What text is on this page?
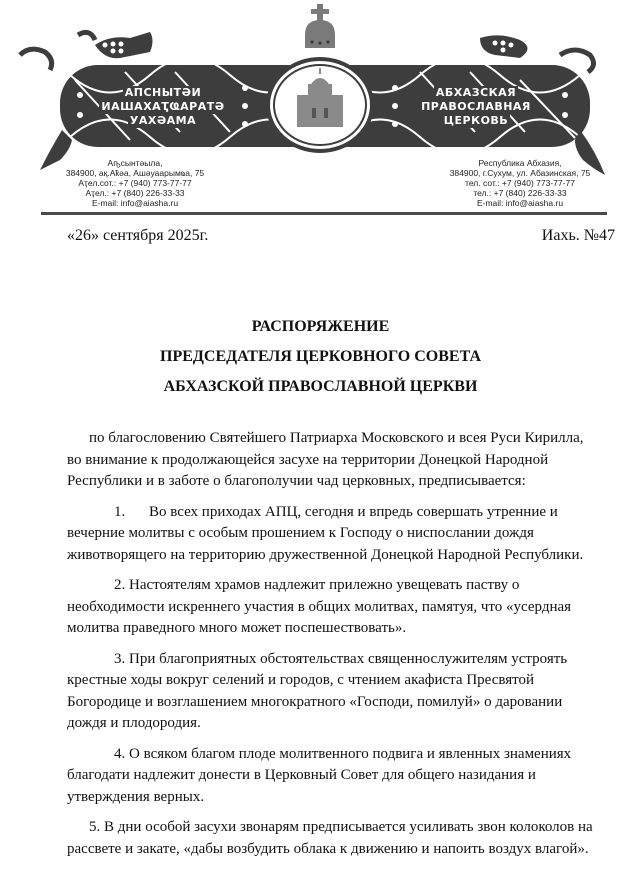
АПСНЫТӘИ
ИАШАХАҬҨАРАТӘ
УАХӘАМА
АБХАЗСКАЯ
ПРАВОСЛАВНАЯ
ЦЕРКОВЬ
Аҧсынтәыла,
384900, ақ.Аҟəа, Ашәуаарымҩа, 75
Аҭел.сот.: +7 (940) 773-77-77
Аҭел.: +7 (840) 226-33-33
E-mail: info@aiasha.ru
Республика Абхазия,
384900, г.Сухум, ул. Абазинская, 75
тел. сот.: +7 (940) 773-77-77
тел.: +7 (840) 226-33-33
E-mail: info@aiasha.ru
«26» сентября 2025г.	Иахь. №47
РАСПОРЯЖЕНИЕ
ПРЕДСЕДАТЕЛЯ ЦЕРКОВНОГО СОВЕТА
АБХАЗСКОЙ ПРАВОСЛАВНОЙ ЦЕРКВИ

по благословению Святейшего Патриарха Московского и всея Руси Кирилла, во внимание к продолжающейся засухе на территории Донецкой Народной Республики и в заботе о благополучии чад церковных, предписывается:

1. Во всех приходах АПЦ, сегодня и впредь совершать утренние и вечерние молитвы с особым прошением к Господу о ниспослании дождя животворящего на территорию дружественной Донецкой Народной Республики.

2. Настоятелям храмов надлежит прилежно увещевать паству о необходимости искреннего участия в общих молитвах, памятуя, что «усердная молитва праведного много может поспешествовать».

3. При благоприятных обстоятельствах священнослужителям устроять крестные ходы вокруг селений и городов, с чтением акафиста Пресвятой Богородице и возглашением многократного «Господи, помилуй» о даровании дождя и плодородия.

4. О всяком благом плоде молитвенного подвига и явленных знамениях благодати надлежит донести в Церковный Совет для общего назидания и утверждения верных.

5. В дни особой засухи звонарям предписывается усиливать звон колоколов на рассвете и закате, «дабы возбудить облака к движению и напоить воздух влагой».
